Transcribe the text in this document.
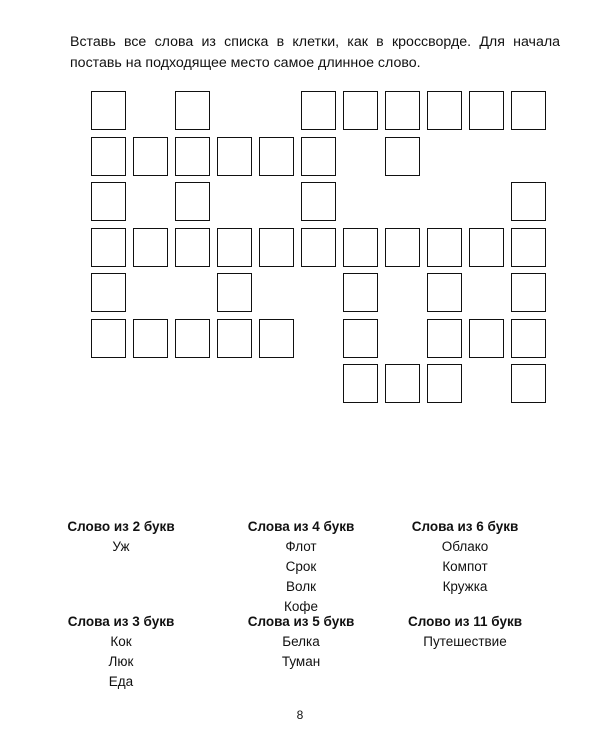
Вставь все слова из списка в клетки, как в кроссворде. Для начала поставь на подходящее место самое длинное слово.
Слово из 2 букв
Уж
Слова из 4 букв
Флот
Срок
Волк
Кофе
Слова из 6 букв
Облако
Компот
Кружка
Слова из 3 букв
Кок
Люк
Еда
Слова из 5 букв
Белка
Туман
Слово из 11 букв
Путешествие
8
